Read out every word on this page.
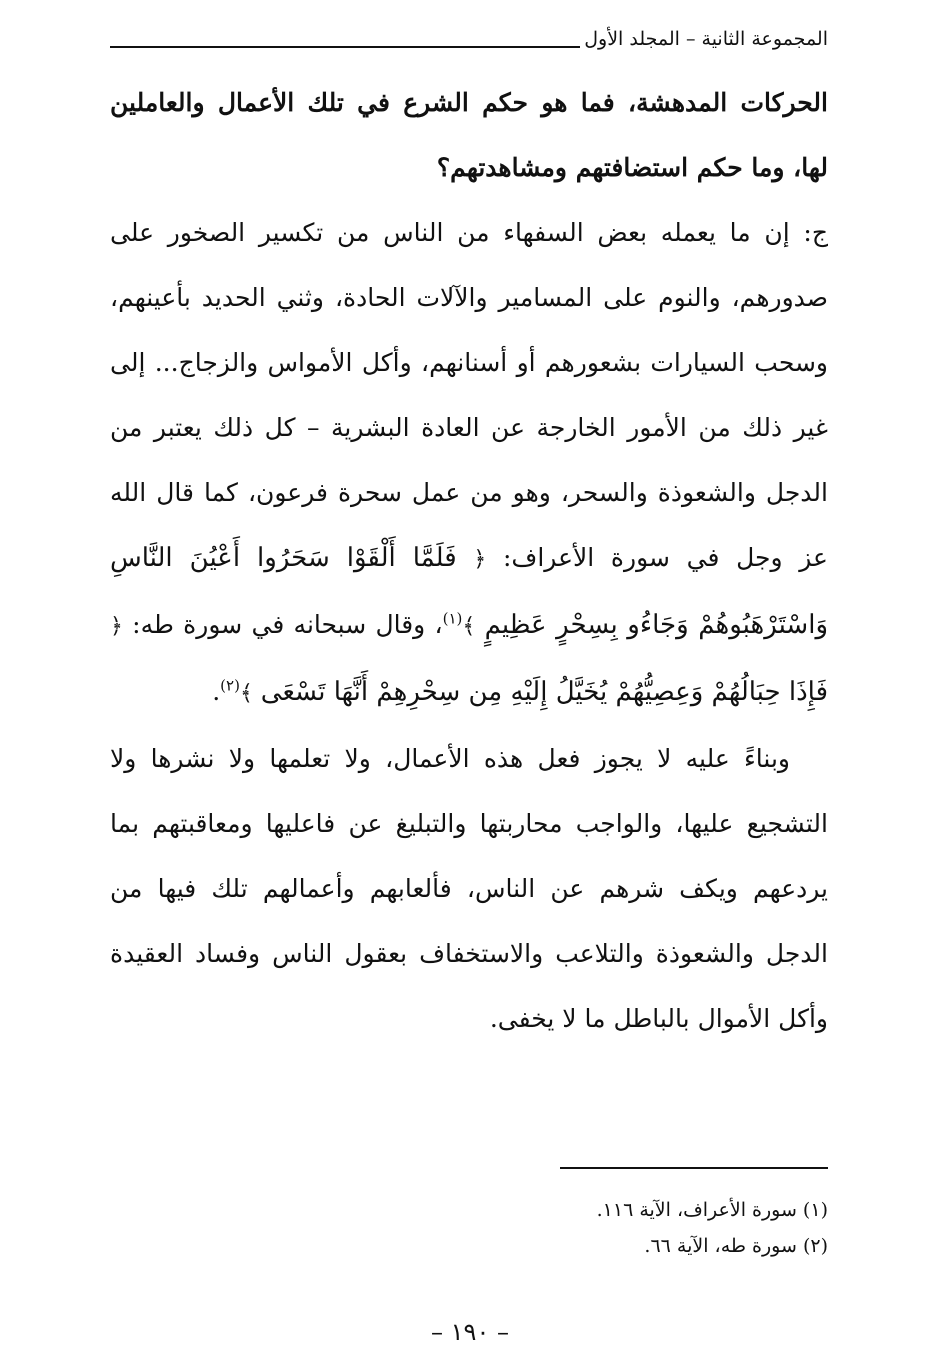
المجموعة الثانية – المجلد الأول

الحركات المدهشة، فما هو حكم الشرع في تلك الأعمال والعاملين لها، وما حكم استضافتهم ومشاهدتهم؟

ج: إن ما يعمله بعض السفهاء من الناس من تكسير الصخور على صدورهم، والنوم على المسامير والآلات الحادة، وثني الحديد بأعينهم، وسحب السيارات بشعورهم أو أسنانهم، وأكل الأمواس والزجاج... إلى غير ذلك من الأمور الخارجة عن العادة البشرية – كل ذلك يعتبر من الدجل والشعوذة والسحر، وهو من عمل سحرة فرعون، كما قال الله عز وجل في سورة الأعراف: ﴿ فَلَمَّا أَلْقَوْا سَحَرُوا أَعْيُنَ النَّاسِ وَاسْتَرْهَبُوهُمْ وَجَاءُو بِسِحْرٍ عَظِيمٍ ﴾$^{(١)}$، وقال سبحانه في سورة طه: ﴿ فَإِذَا حِبَالُهُمْ وَعِصِيُّهُمْ يُخَيَّلُ إِلَيْهِ مِن سِحْرِهِمْ أَنَّهَا تَسْعَى ﴾$^{(٢)}$.

وبناءً عليه لا يجوز فعل هذه الأعمال، ولا تعلمها ولا نشرها ولا التشجيع عليها، والواجب محاربتها والتبليغ عن فاعليها ومعاقبتهم بما يردعهم ويكف شرهم عن الناس، فألعابهم وأعمالهم تلك فيها من الدجل والشعوذة والتلاعب والاستخفاف بعقول الناس وفساد العقيدة وأكل الأموال بالباطل ما لا يخفى.

(١) سورة الأعراف، الآية ١١٦.
(٢) سورة طه، الآية ٦٦.
– ١٩٠ –
